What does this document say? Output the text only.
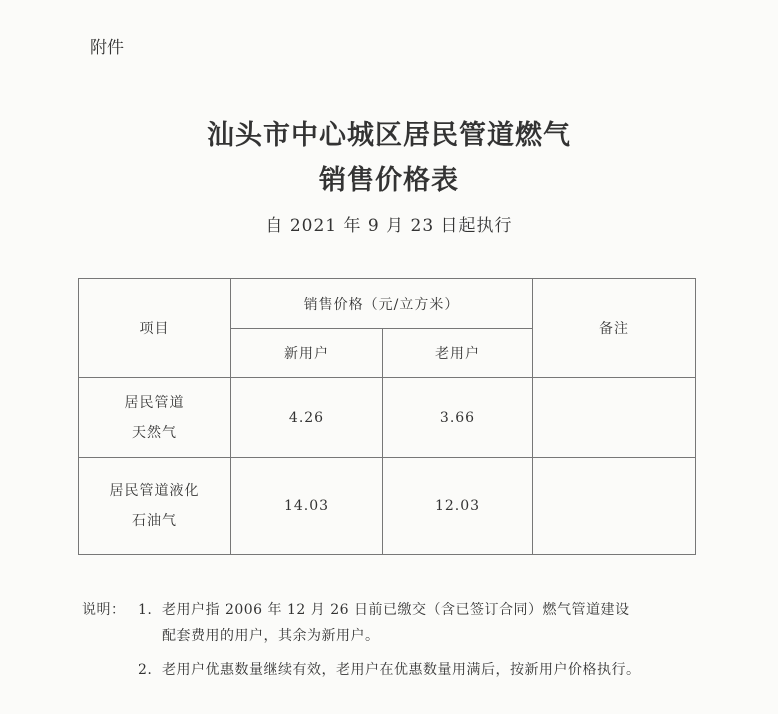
附件
汕头市中心城区居民管道燃气
销售价格表
自 2021 年 9 月 23 日起执行
项目	销售价格（元/立方米）		备注
	新用户	老用户	

居民管道
天然气	4.26	3.66	

居民管道液化
石油气	14.03	12.03	
说明： 1. 老用户指 2006 年 12 月 26 日前已缴交（含已签订合同）燃气管道建设
配套费用的用户，其余为新用户。
2. 老用户优惠数量继续有效，老用户在优惠数量用满后，按新用户价格执行。
